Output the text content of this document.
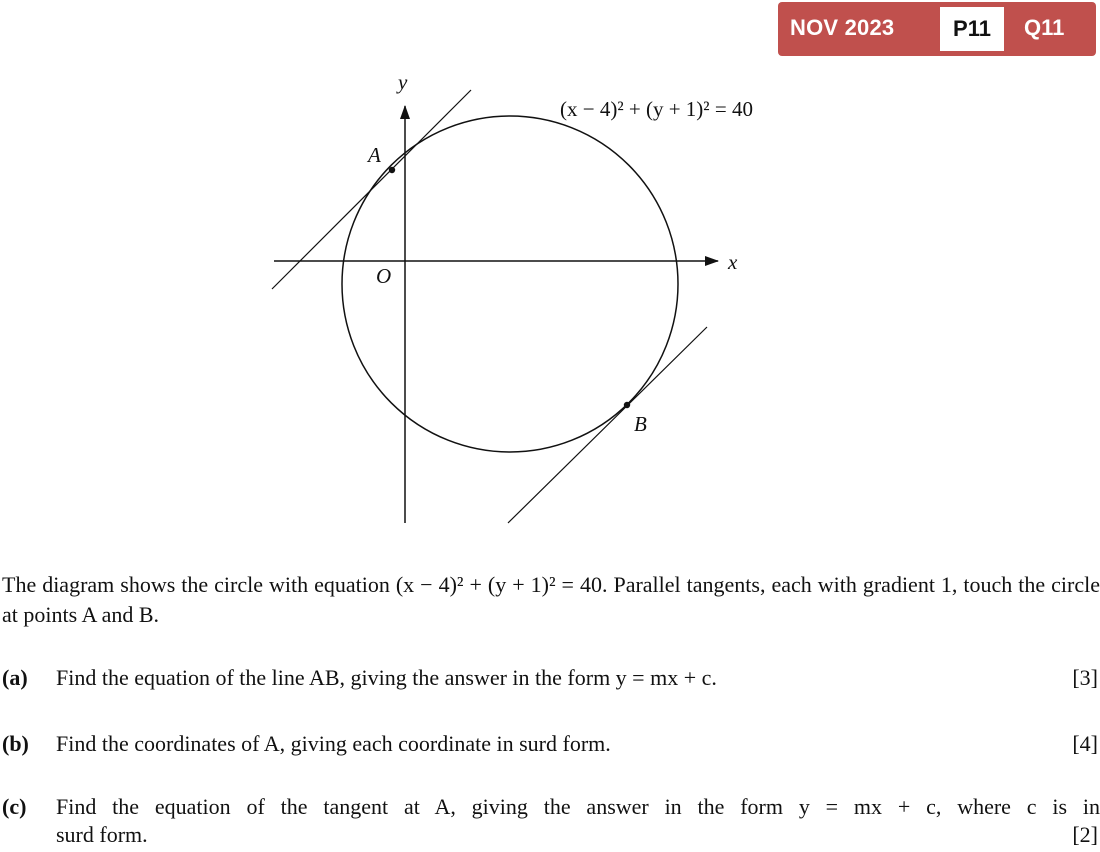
NOV 2023	P11	Q11
A
B
O
x
y
(x − 4)² + (y + 1)² = 40
The diagram shows the circle with equation (x − 4)² + (y + 1)² = 40. Parallel tangents, each with gradient 1, touch the circle at points A and B.
(a) Find the equation of the line AB, giving the answer in the form y = mx + c.	[3]
(b) Find the coordinates of A, giving each coordinate in surd form.	[4]
(c) Find the equation of the tangent at A, giving the answer in the form y = mx + c, where c is in
surd form.	[2]
